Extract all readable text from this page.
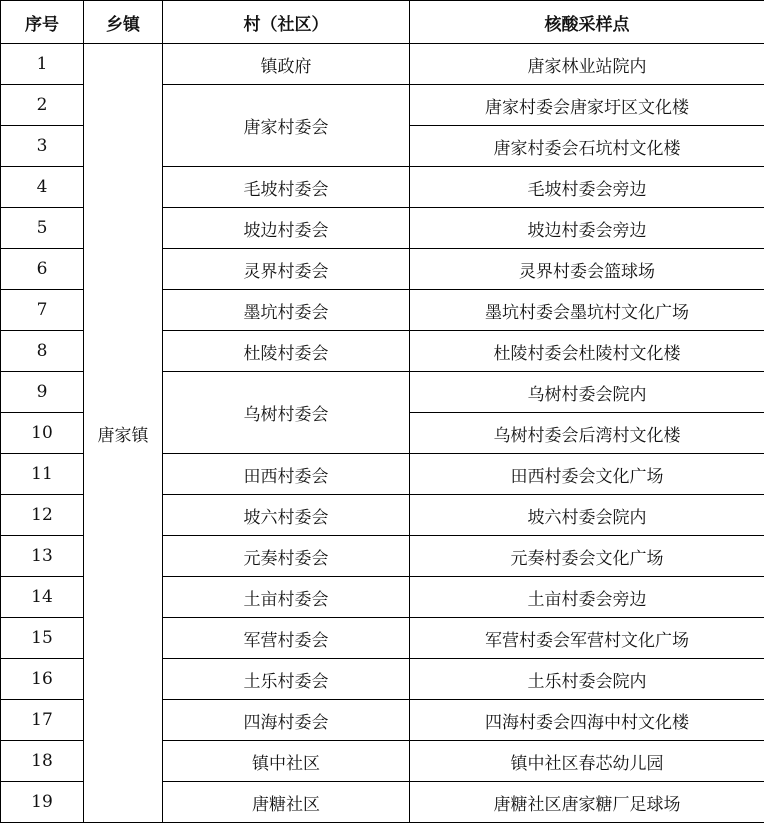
序号	乡镇	村（社区）	核酸采样点
1	唐家镇	镇政府	唐家林业站院内
2		唐家村委会	唐家村委会唐家圩区文化楼
3			唐家村委会石坑村文化楼
4		毛坡村委会	毛坡村委会旁边
5		坡边村委会	坡边村委会旁边
6		灵界村委会	灵界村委会篮球场
7		墨坑村委会	墨坑村委会墨坑村文化广场
8		杜陵村委会	杜陵村委会杜陵村文化楼
9		乌树村委会	乌树村委会院内
10			乌树村委会后湾村文化楼
11		田西村委会	田西村委会文化广场
12		坡六村委会	坡六村委会院内
13		元奏村委会	元奏村委会文化广场
14		土亩村委会	土亩村委会旁边
15		军营村委会	军营村委会军营村文化广场
16		土乐村委会	土乐村委会院内
17		四海村委会	四海村委会四海中村文化楼
18		镇中社区	镇中社区春芯幼儿园
19		唐糖社区	唐糖社区唐家糖厂足球场
